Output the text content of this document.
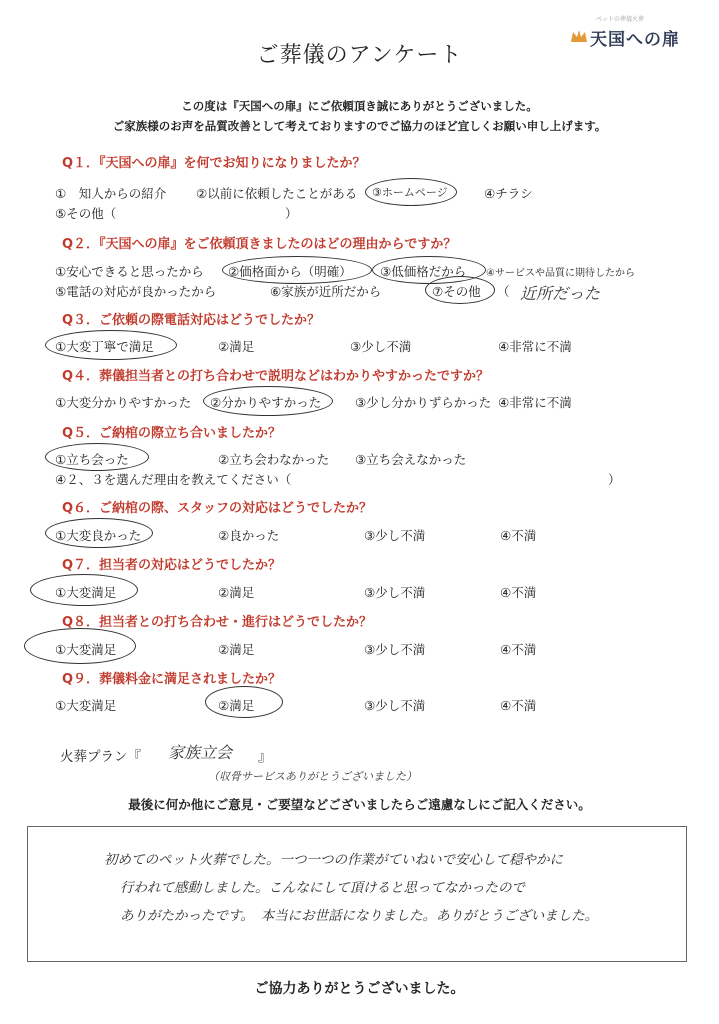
ペットの葬儀火葬
天国への扉
ご葬儀のアンケート
この度は『天国への扉』にご依頼頂き誠にありがとうございました。
ご家族様のお声を品質改善として考えておりますのでご協力のほど宜しくお願い申し上げます。
Q１．『天国への扉』を何でお知りになりましたか？
①　知人からの紹介 ②以前に依頼したことがある ③ホームページ	④チラシ
⑤その他（	）
Q２．『天国への扉』をご依頼頂きましたのはどの理由からですか？
①安心できると思ったから ②価格面から（明確） ③低価格だから ④サービスや品質に期待したから
⑤電話の対応が良かったから	⑥家族が近所だから	⑦その他 （ 近所だった
Q３．ご依頼の際電話対応はどうでしたか？
①大変丁寧で満足	②満足	③少し不満	④非常に不満
Q４．葬儀担当者との打ち合わせで説明などはわかりやすかったですか？
①大変分かりやすかった ②分かりやすかった	③少し分かりずらかった ④非常に不満
Q５．ご納棺の際立ち合いましたか？
①立ち会った	②立ち会わなかった ③立ち会えなかった
④２、３を選んだ理由を教えてください（	）
Q６．ご納棺の際、スタッフの対応はどうでしたか？
①大変良かった	②良かった	③少し不満	④不満
Q７．担当者の対応はどうでしたか？
①大変満足	②満足	③少し不満	④不満
Q８．担当者との打ち合わせ・進行はどうでしたか？
①大変満足	②満足	③少し不満	④不満
Q９．葬儀料金に満足されましたか？
①大変満足	②満足	③少し不満	④不満
火葬プラン『 家族立会 』
（収骨サービスありがとうございました）
最後に何か他にご意見・ご要望などございましたらご遠慮なしにご記入ください。
初めてのペット火葬でした。一つ一つの作業がていねいで安心して穏やかに
行われて感動しました。こんなにして頂けると思ってなかったので
ありがたかったです。　本当にお世話になりました。ありがとうございました。
ご協力ありがとうございました。
